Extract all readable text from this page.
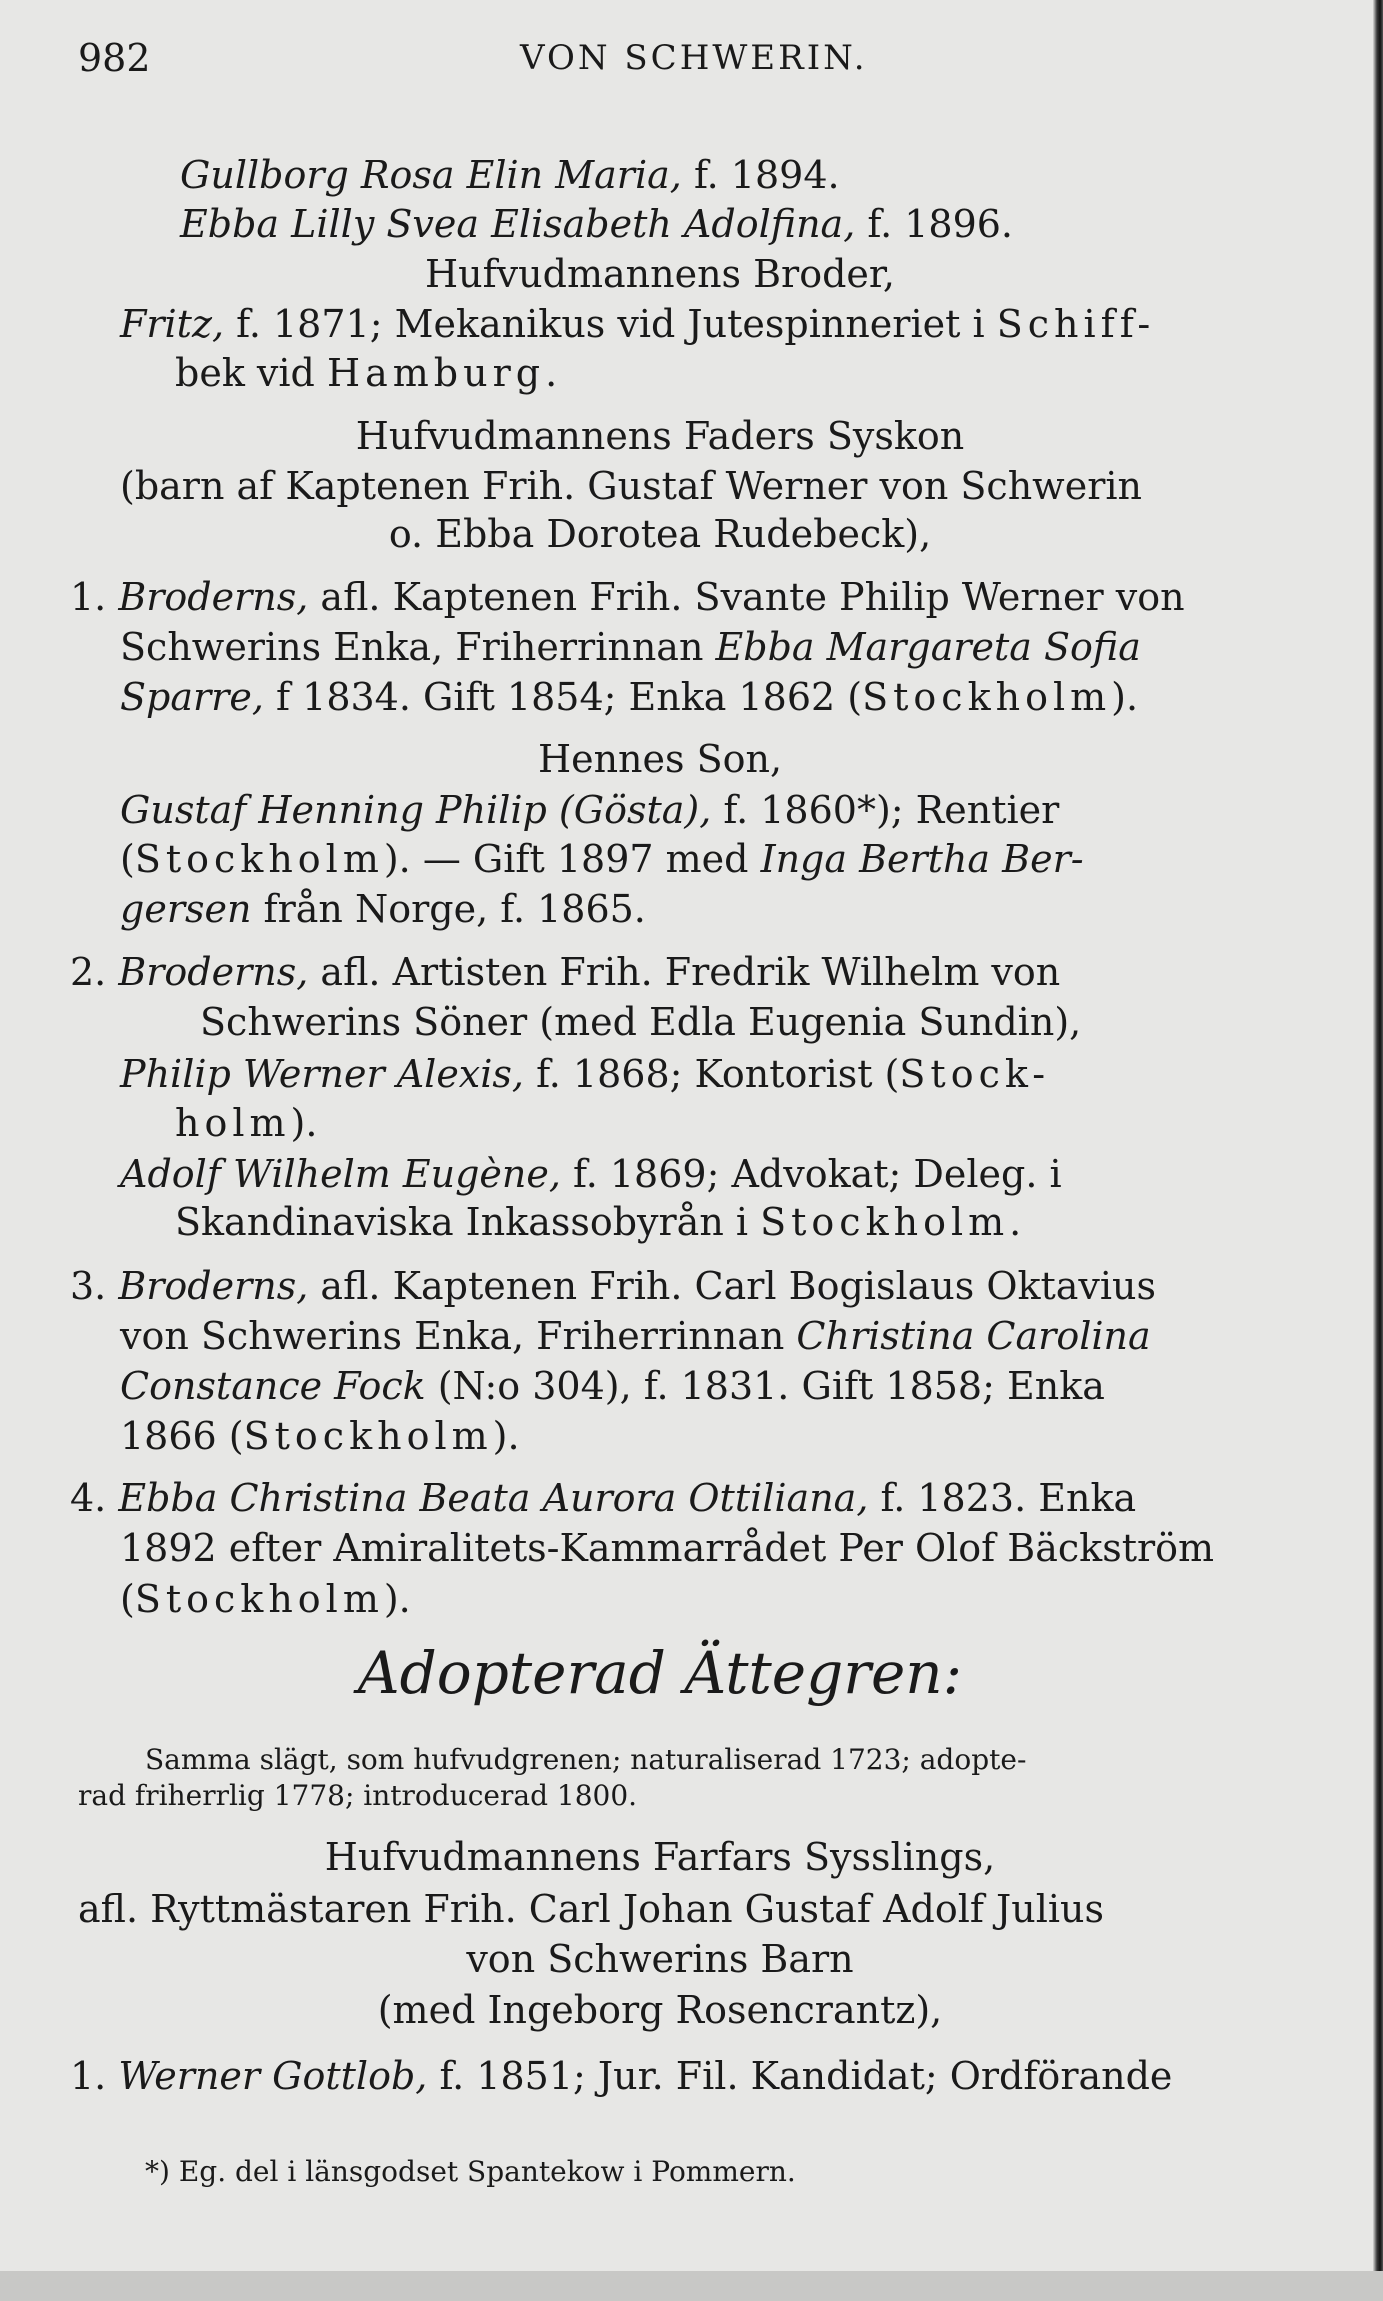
982	VON SCHWERIN.
Gullborg Rosa Elin Maria, f. 1894.
Ebba Lilly Svea Elisabeth Adolfina, f. 1896.
Hufvudmannens Broder,
Fritz, f. 1871; Mekanikus vid Jutespinneriet i Schiff-
bek vid Hamburg.
Hufvudmannens Faders Syskon
(barn af Kaptenen Frih. Gustaf Werner von Schwerin
o. Ebba Dorotea Rudebeck),
1. Broderns, afl. Kaptenen Frih. Svante Philip Werner von
Schwerins Enka, Friherrinnan Ebba Margareta Sofia
Sparre, f 1834. Gift 1854; Enka 1862 (Stockholm).
Hennes Son,
Gustaf Henning Philip (Gösta), f. 1860*); Rentier
(Stockholm). — Gift 1897 med Inga Bertha Ber-
gersen från Norge, f. 1865.
2. Broderns, afl. Artisten Frih. Fredrik Wilhelm von
Schwerins Söner (med Edla Eugenia Sundin),
Philip Werner Alexis, f. 1868; Kontorist (Stock-
holm).
Adolf Wilhelm Eugène, f. 1869; Advokat; Deleg. i
Skandinaviska Inkassobyrån i Stockholm.
3. Broderns, afl. Kaptenen Frih. Carl Bogislaus Oktavius
von Schwerins Enka, Friherrinnan Christina Carolina
Constance Fock (N:o 304), f. 1831. Gift 1858; Enka
1866 (Stockholm).
4. Ebba Christina Beata Aurora Ottiliana, f. 1823. Enka
1892 efter Amiralitets-Kammarrådet Per Olof Bäckström
(Stockholm).
Adopterad Ättegren:
Samma slägt, som hufvudgrenen; naturaliserad 1723; adopte-
rad friherrlig 1778; introducerad 1800.
Hufvudmannens Farfars Sysslings,
afl. Ryttmästaren Frih. Carl Johan Gustaf Adolf Julius
von Schwerins Barn
(med Ingeborg Rosencrantz),
1. Werner Gottlob, f. 1851; Jur. Fil. Kandidat; Ordförande
*) Eg. del i länsgodset Spantekow i Pommern.
